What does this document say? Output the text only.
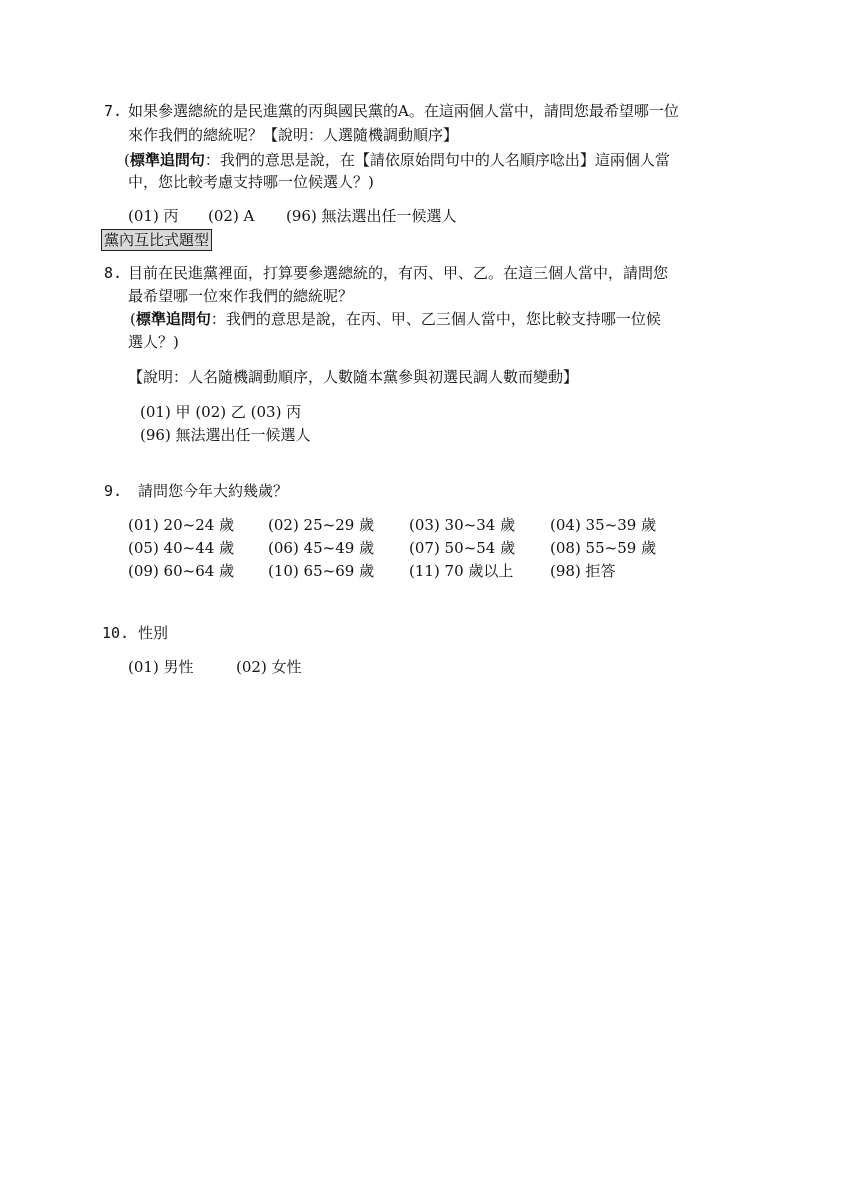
7. 如果參選總統的是民進黨的丙與國民黨的A。在這兩個人當中，請問您最希望哪一位
來作我們的總統呢？【說明：人選隨機調動順序】
(標準追問句：我們的意思是說，在【請依原始問句中的人名順序唸出】這兩個人當
中，您比較考慮支持哪一位候選人？)
(01) 丙 (02) A (96) 無法選出任一候選人
黨內互比式題型
8. 目前在民進黨裡面，打算要參選總統的，有丙、甲、乙。在這三個人當中，請問您
最希望哪一位來作我們的總統呢？
(標準追問句：我們的意思是說，在丙、甲、乙三個人當中，您比較支持哪一位候
選人？)
【說明：人名隨機調動順序，人數隨本黨參與初選民調人數而變動】
(01) 甲 (02) 乙 (03) 丙
(96) 無法選出任一候選人
9. 請問您今年大約幾歲？
(01) 20~24 歲 (02) 25~29 歲 (03) 30~34 歲 (04) 35~39 歲
(05) 40~44 歲 (06) 45~49 歲 (07) 50~54 歲 (08) 55~59 歲
(09) 60~64 歲 (10) 65~69 歲 (11) 70 歲以上 (98) 拒答
10. 性別
(01) 男性	(02) 女性
